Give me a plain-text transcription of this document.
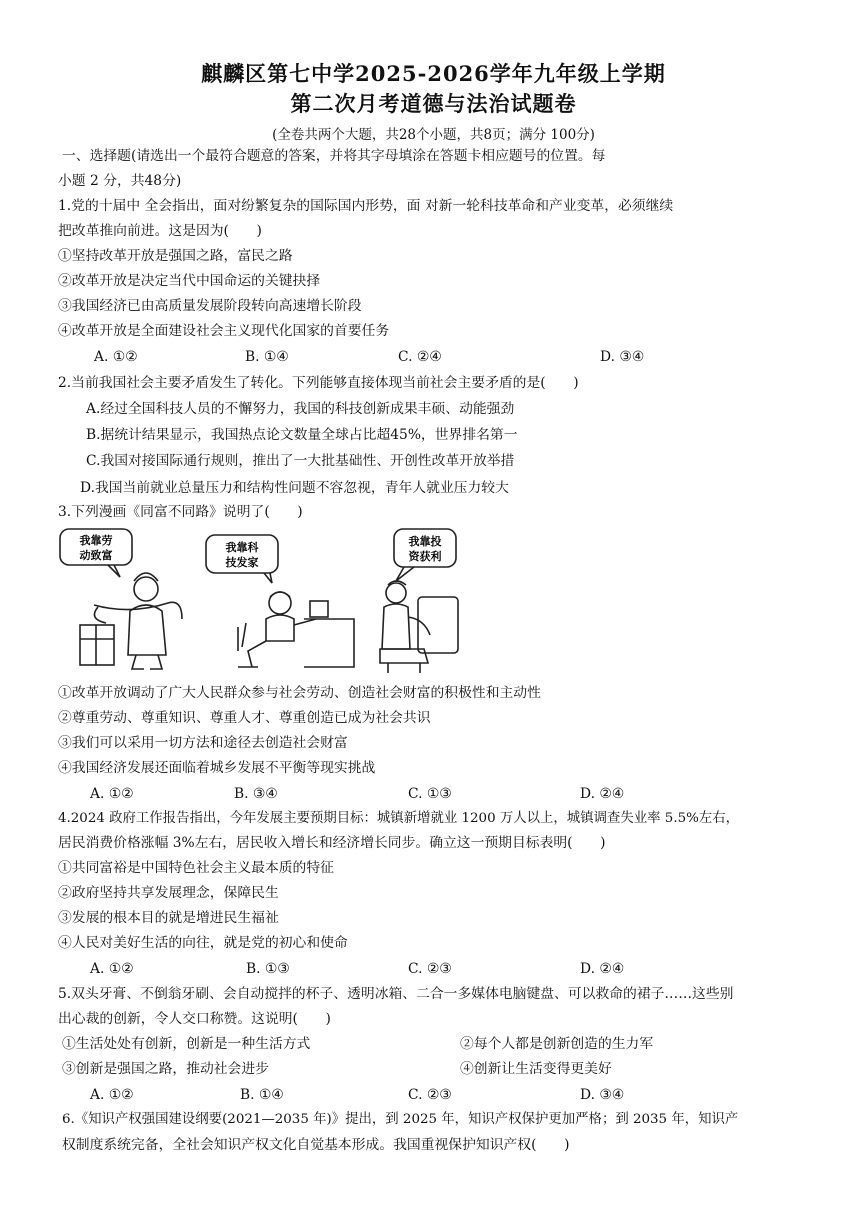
麒麟区第七中学2025-2026学年九年级上学期
第二次月考道德与法治试题卷
(全卷共两个大题，共28个小题，共8页；满分 100分)
一、选择题(请选出一个最符合题意的答案，并将其字母填涂在答题卡相应题号的位置。每
小题 2 分，共48分)
1.党的十届中 全会指出，面对纷繁复杂的国际国内形势，面 对新一轮科技革命和产业变革，必须继续
把改革推向前进。这是因为(　　)
①坚持改革开放是强国之路，富民之路
②改革开放是决定当代中国命运的关键抉择
③我国经济已由高质量发展阶段转向高速增长阶段
④改革开放是全面建设社会主义现代化国家的首要任务
A. ①②	B. ①④	C. ②④	D. ③④
2.当前我国社会主要矛盾发生了转化。下列能够直接体现当前社会主要矛盾的是(　　)
A.经过全国科技人员的不懈努力，我国的科技创新成果丰硕、动能强劲
B.据统计结果显示，我国热点论文数量全球占比超45%，世界排名第一
C.我国对接国际通行规则，推出了一大批基础性、开创性改革开放举措
D.我国当前就业总量压力和结构性问题不容忽视，青年人就业压力较大
3.下列漫画《同富不同路》说明了(　　)
我靠劳
动致富
我靠科
技发家
我靠投
资获利
①改革开放调动了广大人民群众参与社会劳动、创造社会财富的积极性和主动性
②尊重劳动、尊重知识、尊重人才、尊重创造已成为社会共识
③我们可以采用一切方法和途径去创造社会财富
④我国经济发展还面临着城乡发展不平衡等现实挑战
A. ①②	B. ③④	C. ①③	D. ②④
4.2024 政府工作报告指出，今年发展主要预期目标：城镇新增就业 1200 万人以上，城镇调查失业率 5.5%左右，
居民消费价格涨幅 3%左右，居民收入增长和经济增长同步。确立这一预期目标表明(　　)
①共同富裕是中国特色社会主义最本质的特征
②政府坚持共享发展理念，保障民生
③发展的根本目的就是增进民生福祉
④人民对美好生活的向往，就是党的初心和使命
A. ①②	B. ①③	C. ②③	D. ②④
5.双头牙膏、不倒翁牙刷、会自动搅拌的杯子、透明冰箱、二合一多媒体电脑键盘、可以救命的裙子……这些别
出心裁的创新，令人交口称赞。这说明(　　)
①生活处处有创新，创新是一种生活方式	②每个人都是创新创造的生力军
③创新是强国之路，推动社会进步	④创新让生活变得更美好
A. ①②	B. ①④	C. ②③	D. ③④
6.《知识产权强国建设纲要(2021—2035 年)》提出，到 2025 年，知识产权保护更加严格；到 2035 年，知识产
权制度系统完备，全社会知识产权文化自觉基本形成。我国重视保护知识产权(　　)
